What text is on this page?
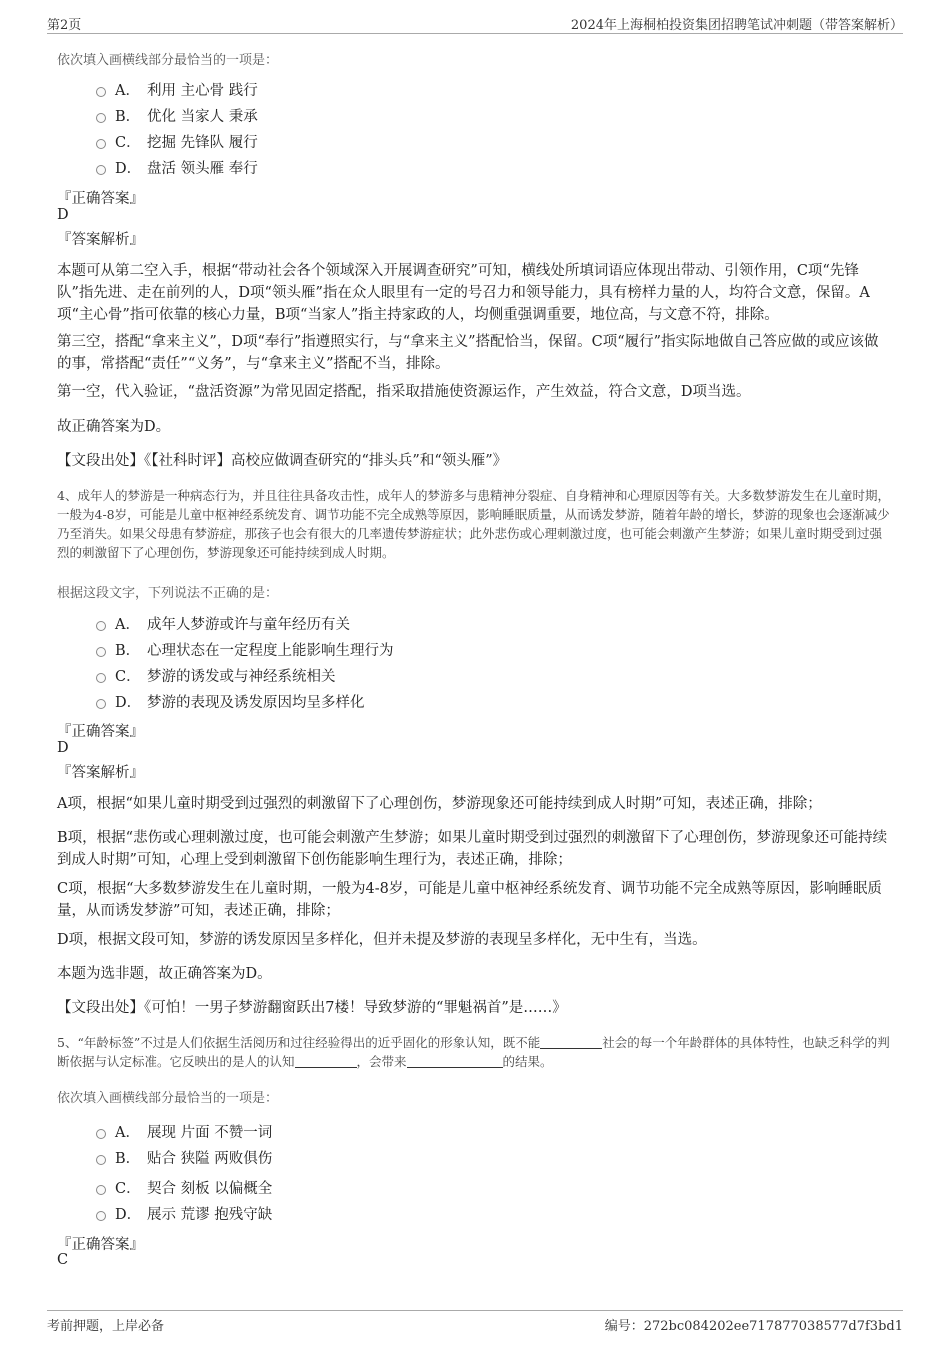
第2页	2024年上海桐柏投资集团招聘笔试冲刺题（带答案解析）
依次填入画横线部分最恰当的一项是：
A． 利用 主心骨 践行
B． 优化 当家人 秉承
C． 挖掘 先锋队 履行
D． 盘活 领头雁 奉行
『正确答案』
D
『答案解析』
本题可从第二空入手，根据“带动社会各个领域深入开展调查研究”可知，横线处所填词语应体现出带动、引领作用，C项“先锋队”指先进、走在前列的人，D项“领头雁”指在众人眼里有一定的号召力和领导能力，具有榜样力量的人，均符合文意，保留。A项“主心骨”指可依靠的核心力量，B项“当家人”指主持家政的人，均侧重强调重要，地位高，与文意不符，排除。
第三空，搭配“拿来主义”，D项“奉行”指遵照实行，与“拿来主义”搭配恰当，保留。C项“履行”指实际地做自己答应做的或应该做的事，常搭配“责任”“义务”，与“拿来主义”搭配不当，排除。
第一空，代入验证，“盘活资源”为常见固定搭配，指采取措施使资源运作，产生效益，符合文意，D项当选。
故正确答案为D。
【文段出处】《【社科时评】高校应做调查研究的“排头兵”和“领头雁”》
4、成年人的梦游是一种病态行为，并且往往具备攻击性，成年人的梦游多与患精神分裂症、自身精神和心理原因等有关。大多数梦游发生在儿童时期，一般为4-8岁，可能是儿童中枢神经系统发育、调节功能不完全成熟等原因，影响睡眠质量，从而诱发梦游，随着年龄的增长，梦游的现象也会逐渐减少乃至消失。如果父母患有梦游症，那孩子也会有很大的几率遗传梦游症状；此外悲伤或心理刺激过度，也可能会刺激产生梦游；如果儿童时期受到过强烈的刺激留下了心理创伤，梦游现象还可能持续到成人时期。
根据这段文字，下列说法不正确的是：
A． 成年人梦游或许与童年经历有关
B． 心理状态在一定程度上能影响生理行为
C． 梦游的诱发或与神经系统相关
D． 梦游的表现及诱发原因均呈多样化
『正确答案』
D
『答案解析』
A项，根据“如果儿童时期受到过强烈的刺激留下了心理创伤，梦游现象还可能持续到成人时期”可知，表述正确，排除；
B项，根据“悲伤或心理刺激过度，也可能会刺激产生梦游；如果儿童时期受到过强烈的刺激留下了心理创伤，梦游现象还可能持续到成人时期”可知，心理上受到刺激留下创伤能影响生理行为，表述正确，排除；
C项，根据“大多数梦游发生在儿童时期，一般为4-8岁，可能是儿童中枢神经系统发育、调节功能不完全成熟等原因，影响睡眠质量，从而诱发梦游”可知，表述正确，排除；
D项，根据文段可知，梦游的诱发原因呈多样化，但并未提及梦游的表现呈多样化，无中生有，当选。
本题为选非题，故正确答案为D。
【文段出处】《可怕！一男子梦游翻窗跃出7楼！导致梦游的“罪魁祸首”是……》
5、“年龄标签”不过是人们依据生活阅历和过往经验得出的近乎固化的形象认知，既不能	社会的每一个年龄群体的具体特性，也缺乏科学的判断依据与认定标准。它反映出的是人的认知	，会带来	的结果。
依次填入画横线部分最恰当的一项是：
A． 展现 片面 不赞一词
B． 贴合 狭隘 两败俱伤
C． 契合 刻板 以偏概全
D． 展示 荒谬 抱残守缺
『正确答案』
C
考前押题，上岸必备	编号：272bc084202ee717877038577d7f3bd1
